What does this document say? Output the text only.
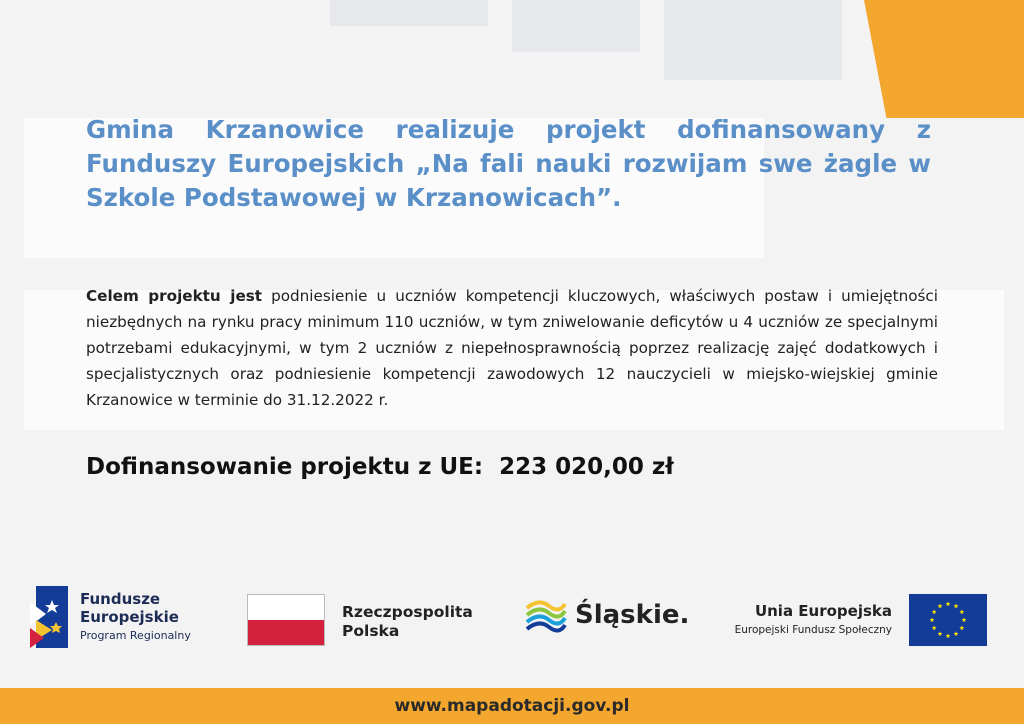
Gmina Krzanowice realizuje projekt dofinansowany z Funduszy Europejskich „Na fali nauki rozwijam swe żagle w Szkole Podstawowej w Krzanowicach”.

Celem projektu jest podniesienie u uczniów kompetencji kluczowych, właściwych postaw i umiejętności niezbędnych na rynku pracy minimum 110 uczniów, w tym zniwelowanie deficytów u 4 uczniów ze specjalnymi potrzebami edukacyjnymi, w tym 2 uczniów z niepełnosprawnością poprzez realizację zajęć dodatkowych i specjalistycznych oraz podniesienie kompetencji zawodowych 12 nauczycieli w miejsko-wiejskiej gminie Krzanowice w terminie do 31.12.2022 r.

Dofinansowanie projektu z UE: 223 020,00 zł

Fundusze
Europejskie
Program Regionalny
Rzeczpospolita
Polska
Śląskie.	Unia Europejska
Europejski Fundusz Społeczny

www.mapadotacji.gov.pl
